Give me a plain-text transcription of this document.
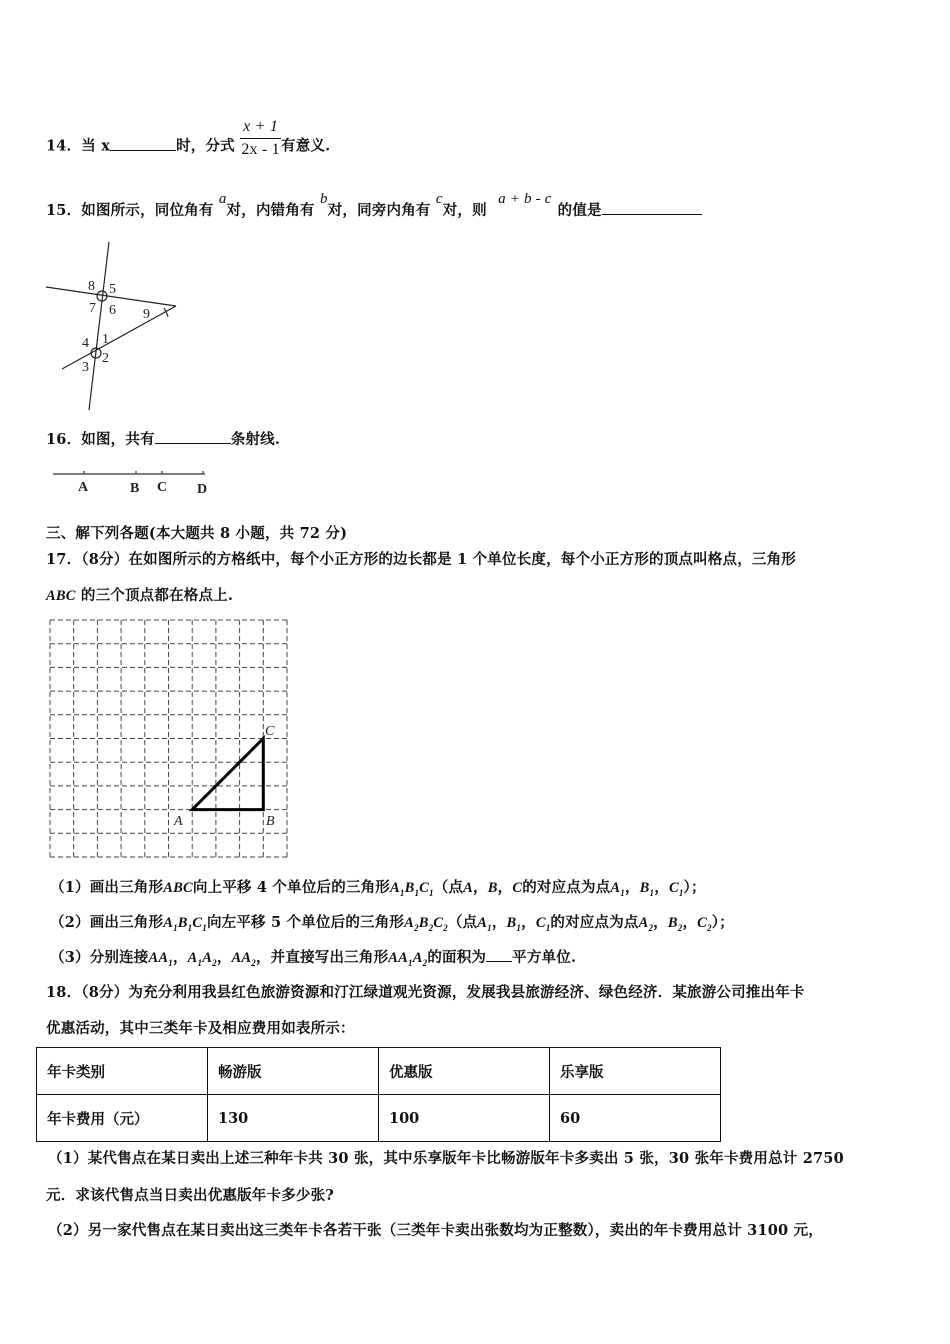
14．当 x	时，分式 $\frac{x + 1}{2x - 1}$ 有意义.
15．如图所示，同位角有 a对，内错角有 b对，同旁内角有 c对，则 a + b - c的值是
8 5
7 6 9
4 1
3
2
16．如图，共有	条射线.
A	B C D
三、解下列各题(本大题共 8 小题，共 72 分)
17．（8分）在如图所示的方格纸中，每个小正方形的边长都是 1 个单位长度，每个小正方形的顶点叫格点，三角形
ABC 的三个顶点都在格点上.
A	B
C
（1）画出三角形ABC向上平移 4 个单位后的三角形$A_1B_1C_1$（点A，B，C的对应点为点$A_1$，$B_1$，$C_1$）；
（2）画出三角形$A_1B_1C_1$向左平移 5 个单位后的三角形$A_2B_2C_2$（点$A_1$，$B_1$，$C_1$的对应点为点$A_2$，$B_2$，$C_2$）；
（3）分别连接$AA_1$，$A_1A_2$，$AA_2$，并直接写出三角形$AA_1A_2$的面积为 平方单位.
18．（8分）为充分利用我县红色旅游资源和汀江绿道观光资源，发展我县旅游经济、绿色经济．某旅游公司推出年卡
优惠活动，其中三类年卡及相应费用如表所示：
年卡类别	畅游版	优惠版	乐享版
年卡费用（元）	130	100	60
（1）某代售点在某日卖出上述三种年卡共 30 张，其中乐享版年卡比畅游版年卡多卖出 5 张，30 张年卡费用总计 2750
元．求该代售点当日卖出优惠版年卡多少张?
（2）另一家代售点在某日卖出这三类年卡各若干张（三类年卡卖出张数均为正整数），卖出的年卡费用总计 3100 元，
